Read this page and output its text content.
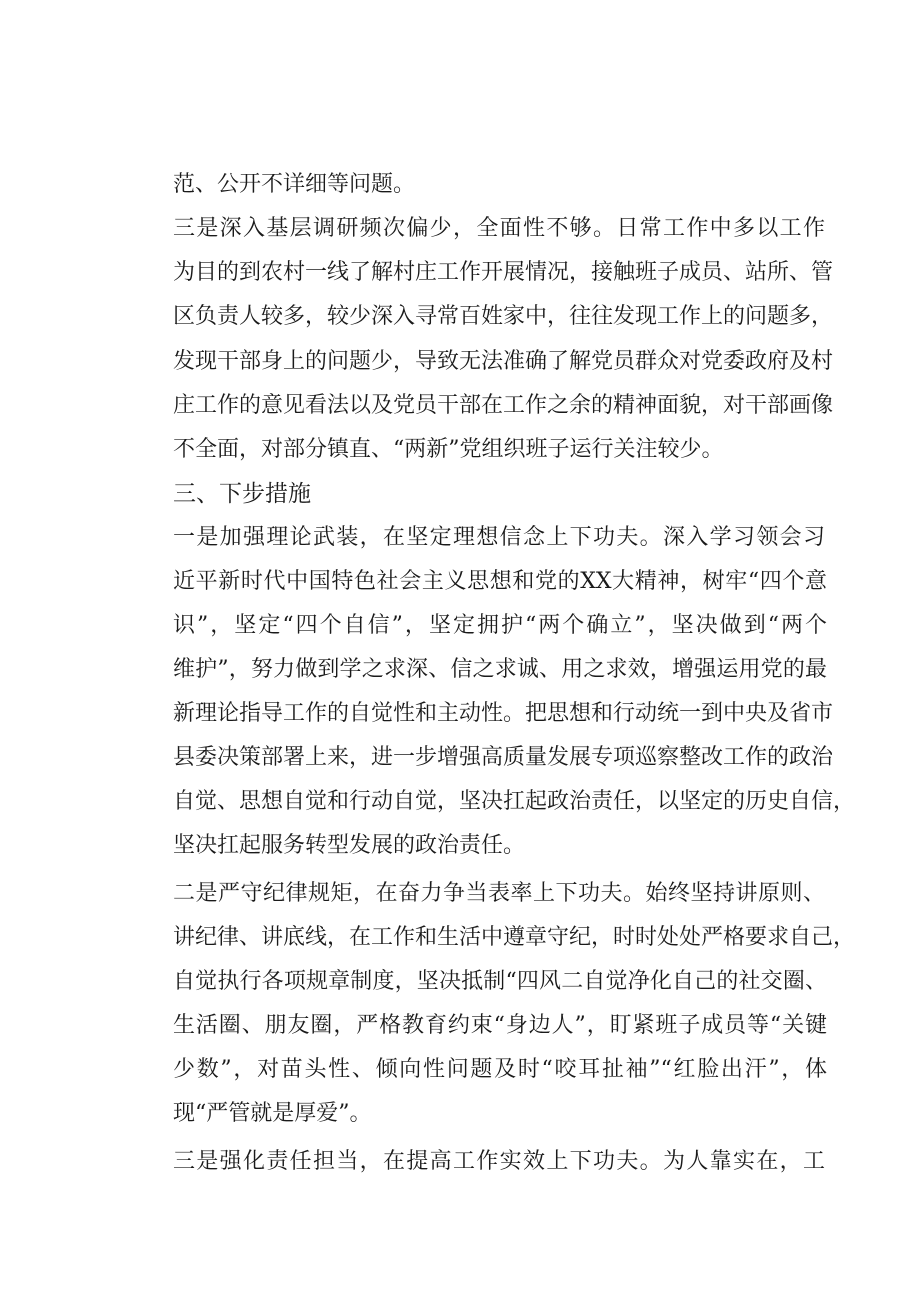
范、公开不详细等问题。
三是深入基层调研频次偏少，全面性不够。日常工作中多以工作
为目的到农村一线了解村庄工作开展情况，接触班子成员、站所、管
区负责人较多，较少深入寻常百姓家中，往往发现工作上的问题多，
发现干部身上的问题少，导致无法准确了解党员群众对党委政府及村
庄工作的意见看法以及党员干部在工作之余的精神面貌，对干部画像
不全面，对部分镇直、“两新”党组织班子运行关注较少。
三、下步措施
一是加强理论武装，在坚定理想信念上下功夫。深入学习领会习
近平新时代中国特色社会主义思想和党的XX大精神，树牢“四个意
识”，坚定“四个自信”，坚定拥护“两个确立”，坚决做到“两个
维护”，努力做到学之求深、信之求诚、用之求效，增强运用党的最
新理论指导工作的自觉性和主动性。把思想和行动统一到中央及省市
县委决策部署上来，进一步增强高质量发展专项巡察整改工作的政治
自觉、思想自觉和行动自觉，坚决扛起政治责任，以坚定的历史自信，
坚决扛起服务转型发展的政治责任。
二是严守纪律规矩，在奋力争当表率上下功夫。始终坚持讲原则、
讲纪律、讲底线，在工作和生活中遵章守纪，时时处处严格要求自己，
自觉执行各项规章制度，坚决抵制“四风二自觉净化自己的社交圈、
生活圈、朋友圈，严格教育约束“身边人”，盯紧班子成员等“关键
少数”，对苗头性、倾向性问题及时“咬耳扯袖”“红脸出汗”，体
现“严管就是厚爱”。
三是强化责任担当，在提高工作实效上下功夫。为人靠实在，工
